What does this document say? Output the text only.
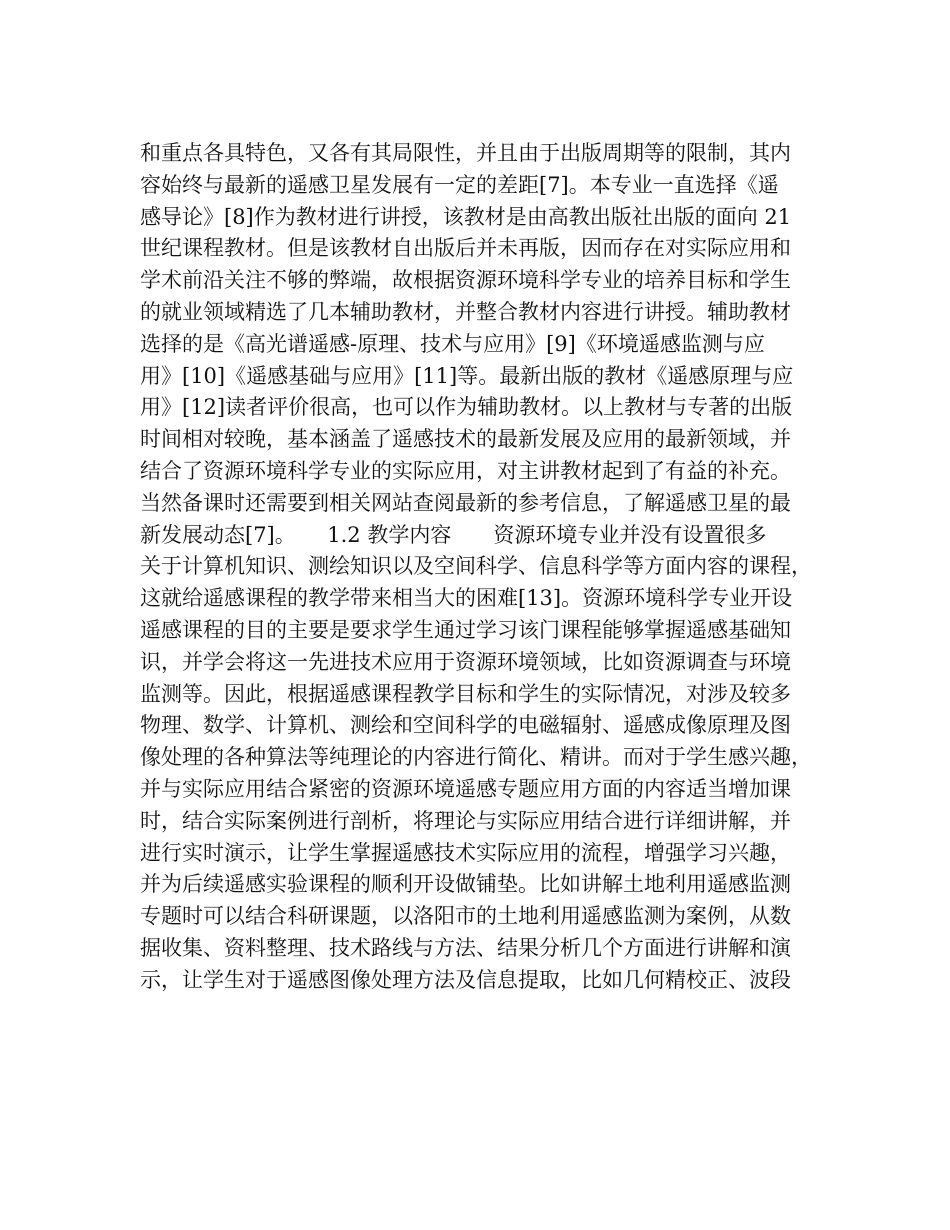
和重点各具特色，又各有其局限性，并且由于出版周期等的限制，其内
容始终与最新的遥感卫星发展有一定的差距[7]。本专业一直选择《遥
感导论》[8]作为教材进行讲授，该教材是由高教出版社出版的面向 21
世纪课程教材。但是该教材自出版后并未再版，因而存在对实际应用和
学术前沿关注不够的弊端，故根据资源环境科学专业的培养目标和学生
的就业领域精选了几本辅助教材，并整合教材内容进行讲授。辅助教材
选择的是《高光谱遥感-原理、技术与应用》[9]《环境遥感监测与应
用》[10]《遥感基础与应用》[11]等。最新出版的教材《遥感原理与应
用》[12]读者评价很高，也可以作为辅助教材。以上教材与专著的出版
时间相对较晚，基本涵盖了遥感技术的最新发展及应用的最新领域，并
结合了资源环境科学专业的实际应用，对主讲教材起到了有益的补充。
当然备课时还需要到相关网站查阅最新的参考信息，了解遥感卫星的最
新发展动态[7]。　　1.2 教学内容　　资源环境专业并没有设置很多
关于计算机知识、测绘知识以及空间科学、信息科学等方面内容的课程，
这就给遥感课程的教学带来相当大的困难[13]。资源环境科学专业开设
遥感课程的目的主要是要求学生通过学习该门课程能够掌握遥感基础知
识，并学会将这一先进技术应用于资源环境领域，比如资源调查与环境
监测等。因此，根据遥感课程教学目标和学生的实际情况，对涉及较多
物理、数学、计算机、测绘和空间科学的电磁辐射、遥感成像原理及图
像处理的各种算法等纯理论的内容进行简化、精讲。而对于学生感兴趣，
并与实际应用结合紧密的资源环境遥感专题应用方面的内容适当增加课
时，结合实际案例进行剖析，将理论与实际应用结合进行详细讲解，并
进行实时演示，让学生掌握遥感技术实际应用的流程，增强学习兴趣，
并为后续遥感实验课程的顺利开设做铺垫。比如讲解土地利用遥感监测
专题时可以结合科研课题，以洛阳市的土地利用遥感监测为案例，从数
据收集、资料整理、技术路线与方法、结果分析几个方面进行讲解和演
示，让学生对于遥感图像处理方法及信息提取，比如几何精校正、波段
